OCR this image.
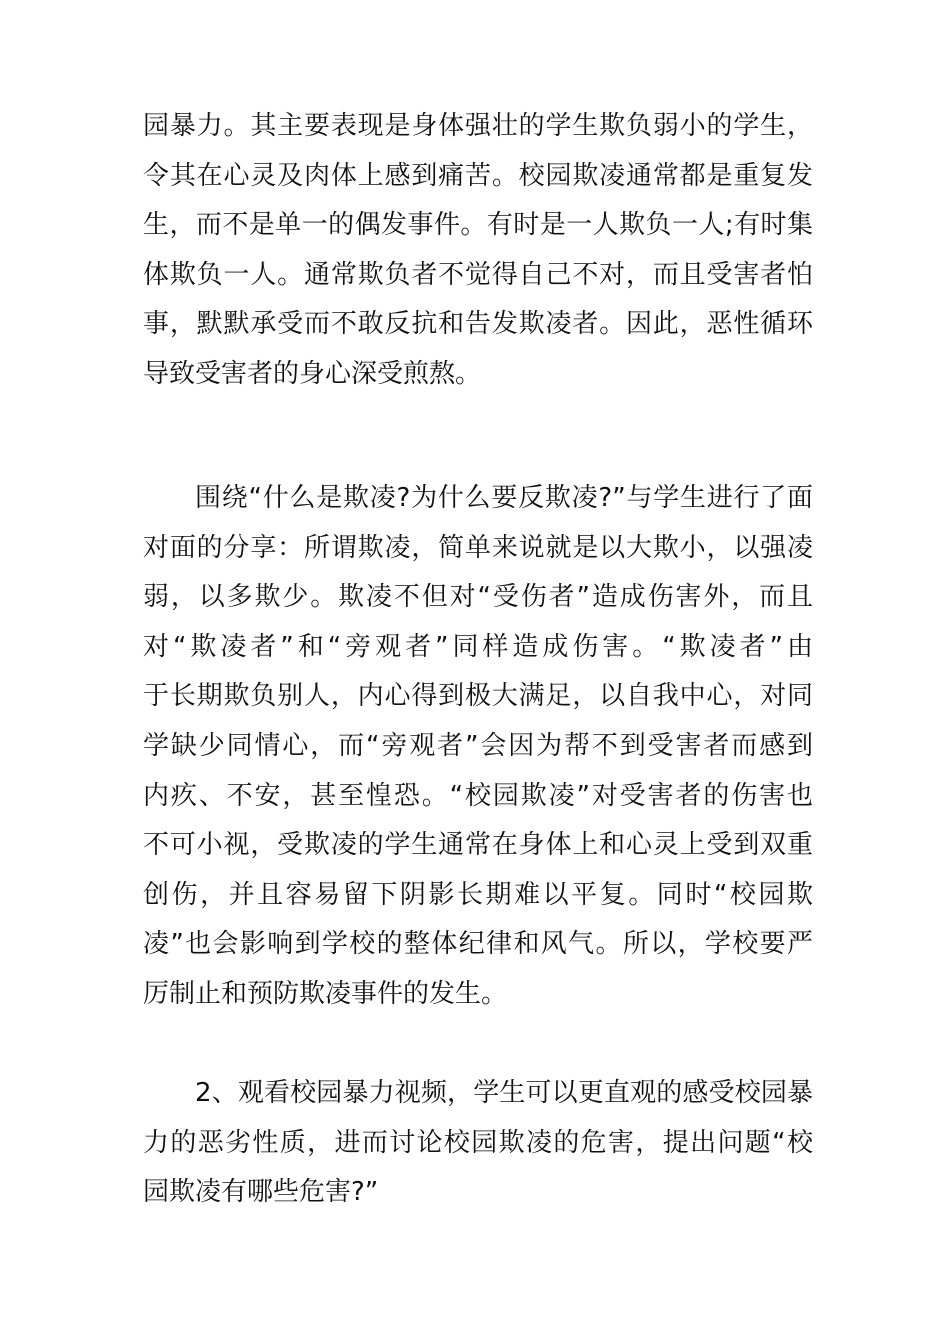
园暴力。其主要表现是身体强壮的学生欺负弱小的学生，
令其在心灵及肉体上感到痛苦。校园欺凌通常都是重复发
生，而不是单一的偶发事件。有时是一人欺负一人;有时集
体欺负一人。通常欺负者不觉得自己不对，而且受害者怕
事，默默承受而不敢反抗和告发欺凌者。因此，恶性循环
导致受害者的身心深受煎熬。
围绕“什么是欺凌?为什么要反欺凌?”与学生进行了面
对面的分享：所谓欺凌，简单来说就是以大欺小，以强凌
弱，以多欺少。欺凌不但对“受伤者”造成伤害外，而且
对“欺凌者”和“旁观者”同样造成伤害。“欺凌者”由
于长期欺负别人，内心得到极大满足，以自我中心，对同
学缺少同情心，而“旁观者”会因为帮不到受害者而感到
内疚、不安，甚至惶恐。“校园欺凌”对受害者的伤害也
不可小视，受欺凌的学生通常在身体上和心灵上受到双重
创伤，并且容易留下阴影长期难以平复。同时“校园欺
凌”也会影响到学校的整体纪律和风气。所以，学校要严
厉制止和预防欺凌事件的发生。
2、观看校园暴力视频，学生可以更直观的感受校园暴
力的恶劣性质，进而讨论校园欺凌的危害，提出问题“校
园欺凌有哪些危害?”
